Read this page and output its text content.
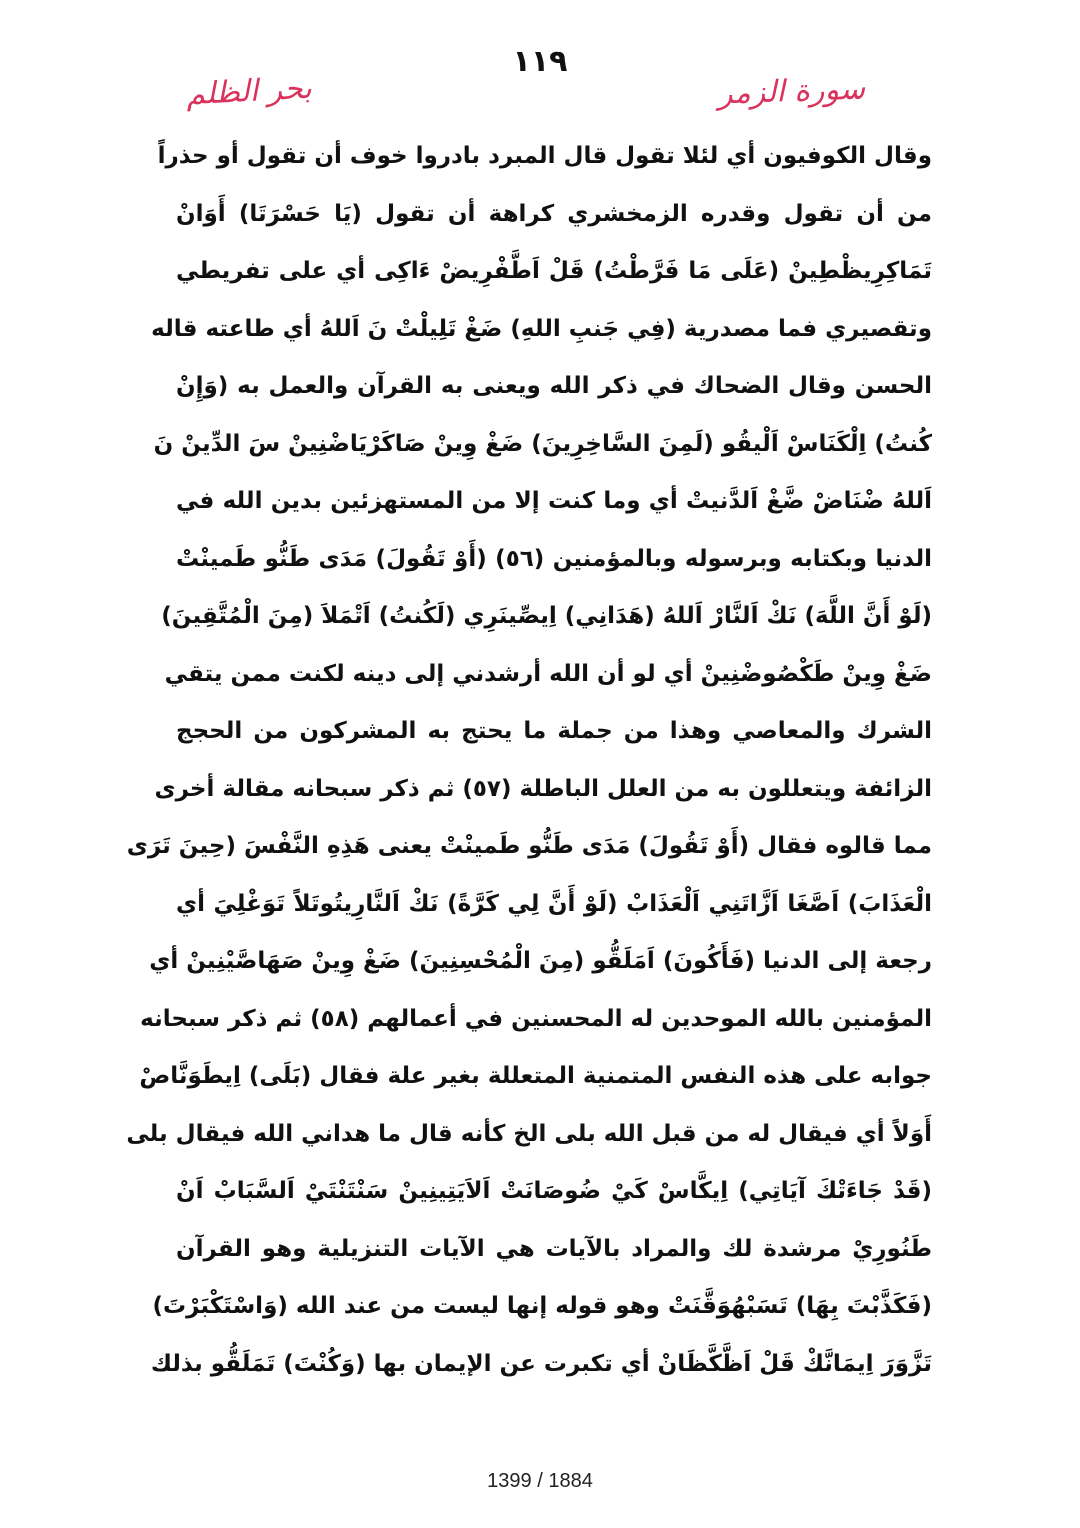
١١٩
بحر الظلم	سورة الزمر
وقال الكوفيون أي لئلا تقول قال المبرد بادروا خوف أن تقول أو حذراً
من أن تقول وقدره الزمخشري كراهة أن تقول (يَا حَسْرَتَا) أَوَانْ
تَمَاكِرِيظْطِينْ (عَلَى مَا فَرَّطْتُ) قَلْ اَطَّفْرِيضْ ءَاكِى أي على تفريطي
وتقصيري فما مصدرية (فِي جَنبِ اللهِ) ضَغْ تَلِيلْتْ نَ اَللهُ أي طاعته قاله
الحسن وقال الضحاك في ذكر الله ويعنى به القرآن والعمل به (وَإِنْ
كُنتُ) اِلْكَنَاسْ اَلْيقُو (لَمِنَ السَّاخِرِينَ) ضَغْ وِينْ صَاكَرْيَاضْنِينْ سَ الدِّينْ نَ
اَللهُ ضْنَاضْ ضَّغْ اَلدَّنيتْ أي وما كنت إلا من المستهزئين بدين الله في
الدنيا وبكتابه وبرسوله وبالمؤمنين (٥٦) (أَوْ تَقُولَ) مَدَى طَنُّو طَمينْتْ
(لَوْ أَنَّ اللَّهَ) نَكْ اَلنَّارْ اَللهُ (هَدَانِي) اِيصِّينَرِي (لَكُنتُ) اَتْمَلاَ (مِنَ الْمُتَّقِينَ)
ضَغْ وِينْ طَكْصُوضْنِينْ أي لو أن الله أرشدني إلى دينه لكنت ممن يتقي
الشرك والمعاصي وهذا من جملة ما يحتج به المشركون من الحجج
الزائفة ويتعللون به من العلل الباطلة (٥٧) ثم ذكر سبحانه مقالة أخرى
مما قالوه فقال (أَوْ تَقُولَ) مَدَى طَنُّو طَمينْتْ يعنى هَذِهِ النَّفْسَ (حِينَ تَرَى
الْعَذَابَ) اَصَّغَا اَزَّاتَنِي اَلْعَذَابْ (لَوْ أَنَّ لِي كَرَّةً) نَكْ اَلنَّارِيتُوتَلاً تَوَغْلِيَ أي
رجعة إلى الدنيا (فَأَكُونَ) اَمَلَقُّو (مِنَ الْمُحْسِنِينَ) ضَغْ وِينْ صَهَاصَّيْنِينْ أي
المؤمنين بالله الموحدين له المحسنين في أعمالهم (٥٨) ثم ذكر سبحانه
جوابه على هذه النفس المتمنية المتعللة بغير علة فقال (بَلَى) اِيطَوَنَّاصْ
أَوَلاً أي فيقال له من قبل الله بلى الخ كأنه قال ما هداني الله فيقال بلى
(قَدْ جَاءَتْكَ آيَاتِي) اِيكَّاسْ كَيْ ضُوصَانَتْ اَلاَيَتِينِينْ سَنْتَنْتَيْ اَلسَّبَابْ اَنْ
طَنُورِيْ مرشدة لك والمراد بالآيات هي الآيات التنزيلية وهو القرآن
(فَكَذَّبْتَ بِهَا) تَسَبْهُوَقَّنَتْ وهو قوله إنها ليست من عند الله (وَاسْتَكْبَرْتَ)
تَزَّوَرَ اِيمَانَّكْ قَلْ اَظَّكَّظَانْ أي تكبرت عن الإيمان بها (وَكُنْتَ) تَمَلَقُّو بذلك
1399 / 1884
